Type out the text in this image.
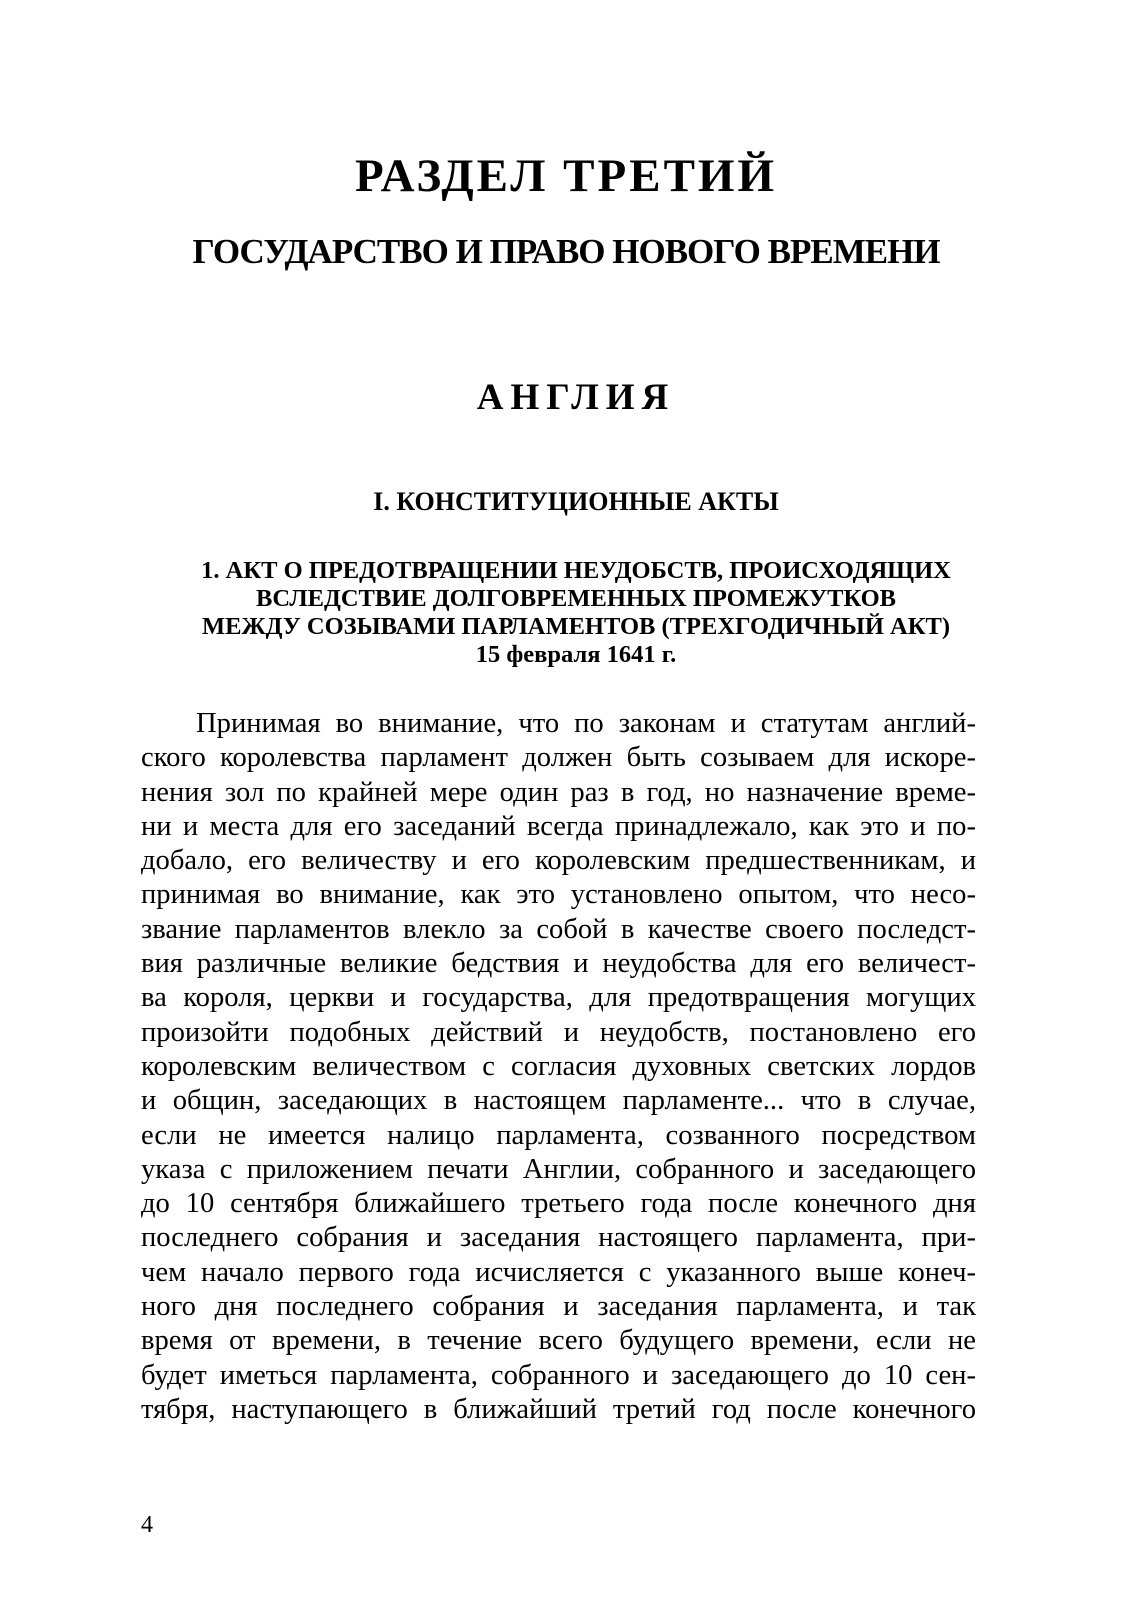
РАЗДЕЛ ТРЕТИЙ
ГОСУДАРСТВО И ПРАВО НОВОГО ВРЕМЕНИ
АНГЛИЯ
I. КОНСТИТУЦИОННЫЕ АКТЫ
1. АКТ О ПРЕДОТВРАЩЕНИИ НЕУДОБСТВ, ПРОИСХОДЯЩИХ
ВСЛЕДСТВИЕ ДОЛГОВРЕМЕННЫХ ПРОМЕЖУТКОВ
МЕЖДУ СОЗЫВАМИ ПАРЛАМЕНТОВ (ТРЕХГОДИЧНЫЙ АКТ)
15 февраля 1641 г.
Принимая во внимание, что по законам и статутам англий-
ского королевства парламент должен быть созываем для искоре-
нения зол по крайней мере один раз в год, но назначение време-
ни и места для его заседаний всегда принадлежало, как это и по-
добало, его величеству и его королевским предшественникам, и
принимая во внимание, как это установлено опытом, что несо-
звание парламентов влекло за собой в качестве своего последст-
вия различные великие бедствия и неудобства для его величест-
ва короля, церкви и государства, для предотвращения могущих
произойти подобных действий и неудобств, постановлено его
королевским величеством с согласия духовных светских лордов
и общин, заседающих в настоящем парламенте... что в случае,
если не имеется налицо парламента, созванного посредством
указа с приложением печати Англии, собранного и заседающего
до 10 сентября ближайшего третьего года после конечного дня
последнего собрания и заседания настоящего парламента, при-
чем начало первого года исчисляется с указанного выше конеч-
ного дня последнего собрания и заседания парламента, и так
время от времени, в течение всего будущего времени, если не
будет иметься парламента, собранного и заседающего до 10 сен-
тября, наступающего в ближайший третий год после конечного
4
